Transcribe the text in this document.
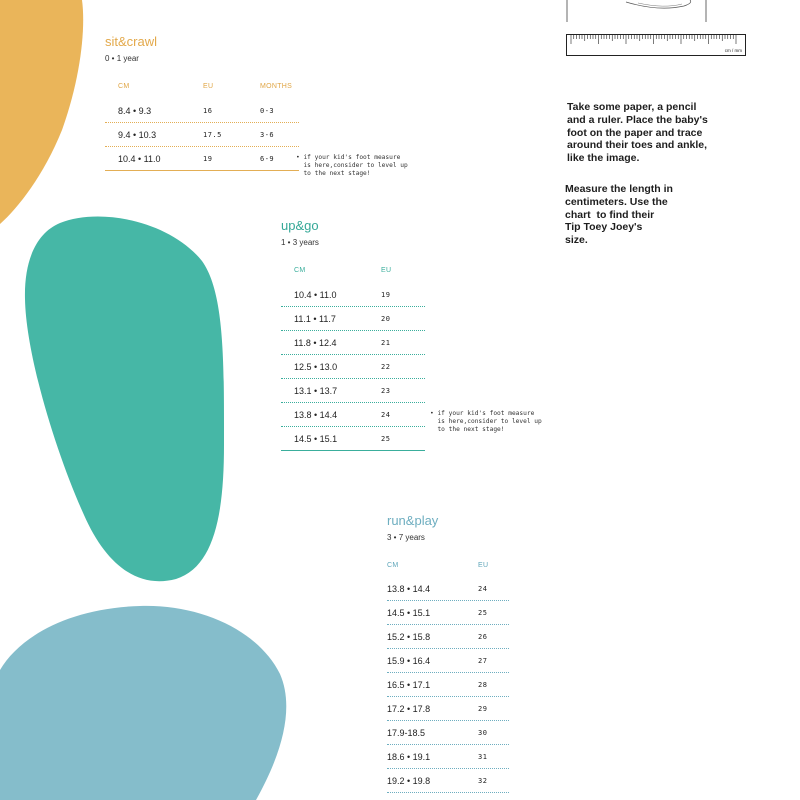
cm / mm
Take some paper, a pencil
and a ruler. Place the baby's
foot on the paper and trace
around their toes and ankle,
like the image.
Measure the length in
centimeters. Use the
chart  to find their
Tip Toey Joey's
size.
sit&crawl
0 • 1 year
CM	EU	MONTHS
8.4 • 9.3	16	0-3
9.4 • 10.3	17.5	3-6
10.4 • 11.0	19	6-9	• if your kid's foot measure
is here,consider to level up
to the next stage!
up&go
1 • 3 years
CM	EU
10.4 • 11.0	19
11.1 • 11.7	20
11.8 • 12.4	21
12.5 • 13.0	22
13.1 • 13.7	23
13.8 • 14.4	24
14.5 • 15.1	25
• if your kid's foot measure
is here,consider to level up
to the next stage!
run&play
3 • 7 years
CM	EU
13.8 • 14.4	24
14.5 • 15.1	25
15.2 • 15.8	26
15.9 • 16.4	27
16.5 • 17.1	28
17.2 • 17.8	29
17.9-18.5	30
18.6 • 19.1	31
19.2 • 19.8	32
